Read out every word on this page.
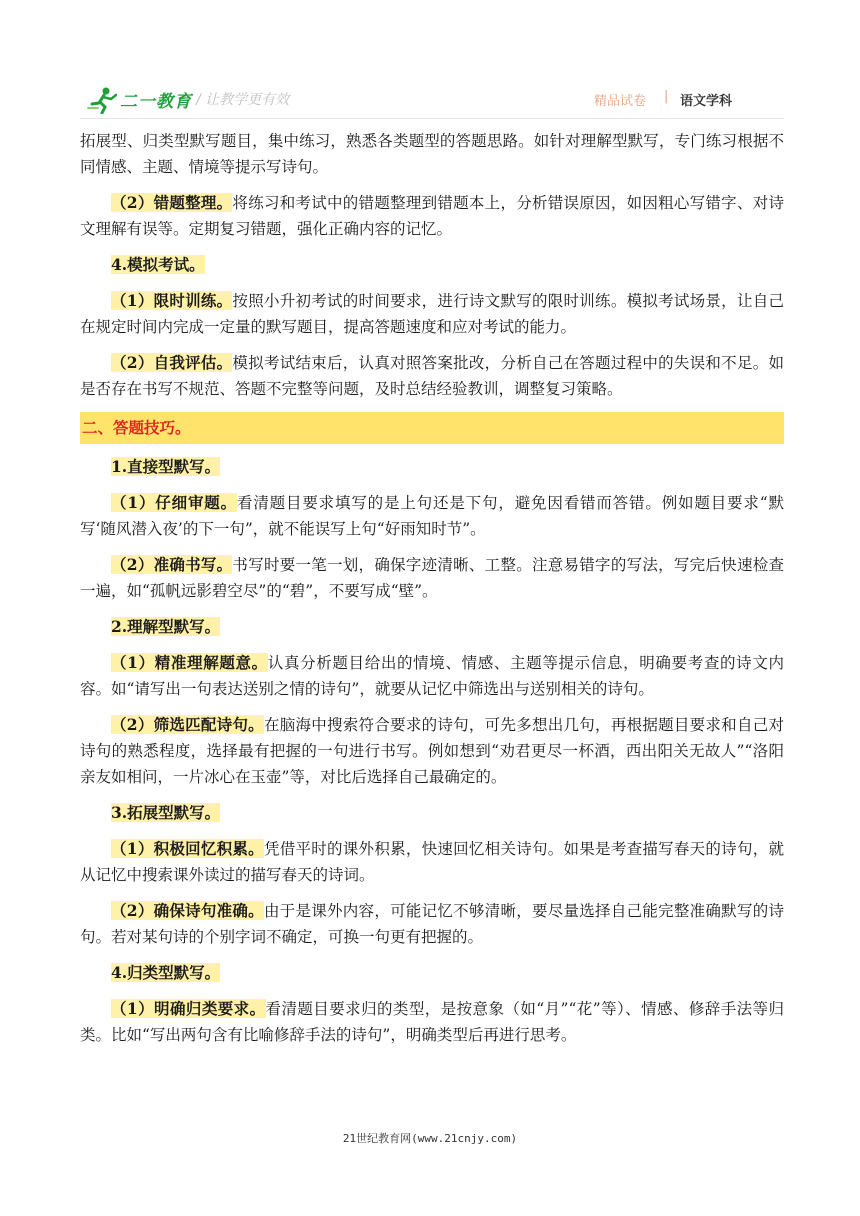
二一教育 / 让教学更有效	精品试卷 | 语文学科

拓展型、归类型默写题目，集中练习，熟悉各类题型的答题思路。如针对理解型默写，专门练习根据不同情感、主题、情境等提示写诗句。

（2）错题整理。将练习和考试中的错题整理到错题本上，分析错误原因，如因粗心写错字、对诗文理解有误等。定期复习错题，强化正确内容的记忆。

4.模拟考试。

（1）限时训练。按照小升初考试的时间要求，进行诗文默写的限时训练。模拟考试场景，让自己在规定时间内完成一定量的默写题目，提高答题速度和应对考试的能力。

（2）自我评估。模拟考试结束后，认真对照答案批改，分析自己在答题过程中的失误和不足。如是否存在书写不规范、答题不完整等问题，及时总结经验教训，调整复习策略。

二、答题技巧。

1.直接型默写。

（1）仔细审题。看清题目要求填写的是上句还是下句，避免因看错而答错。例如题目要求“默写‘随风潜入夜’的下一句”，就不能误写上句“好雨知时节”。

（2）准确书写。书写时要一笔一划，确保字迹清晰、工整。注意易错字的写法，写完后快速检查一遍，如“孤帆远影碧空尽”的“碧”，不要写成“壁”。

2.理解型默写。

（1）精准理解题意。认真分析题目给出的情境、情感、主题等提示信息，明确要考查的诗文内容。如“请写出一句表达送别之情的诗句”，就要从记忆中筛选出与送别相关的诗句。

（2）筛选匹配诗句。在脑海中搜索符合要求的诗句，可先多想出几句，再根据题目要求和自己对诗句的熟悉程度，选择最有把握的一句进行书写。例如想到“劝君更尽一杯酒，西出阳关无故人”“洛阳亲友如相问，一片冰心在玉壶”等，对比后选择自己最确定的。

3.拓展型默写。

（1）积极回忆积累。凭借平时的课外积累，快速回忆相关诗句。如果是考查描写春天的诗句，就从记忆中搜索课外读过的描写春天的诗词。

（2）确保诗句准确。由于是课外内容，可能记忆不够清晰，要尽量选择自己能完整准确默写的诗句。若对某句诗的个别字词不确定，可换一句更有把握的。

4.归类型默写。

（1）明确归类要求。看清题目要求归的类型，是按意象（如“月”“花”等）、情感、修辞手法等归类。比如“写出两句含有比喻修辞手法的诗句”，明确类型后再进行思考。

21世纪教育网(www.21cnjy.com)
